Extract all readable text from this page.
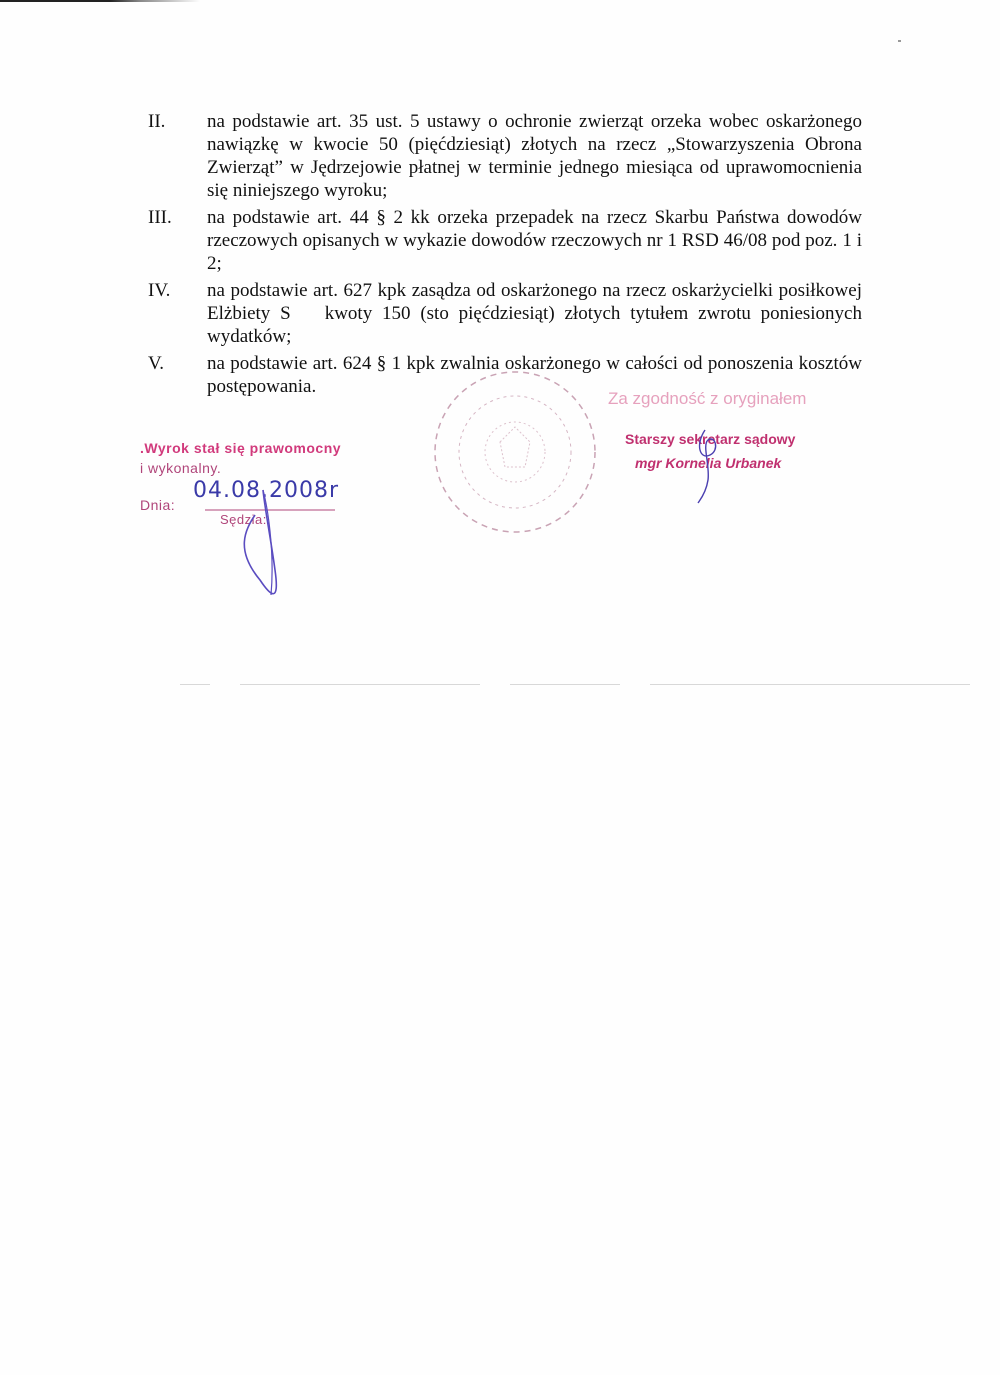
II.	na podstawie art. 35 ust. 5 ustawy o ochronie zwierząt orzeka wobec oskarżonego nawiązkę w kwocie 50 (pięćdziesiąt) złotych na rzecz „Stowarzyszenia Obrona Zwierząt” w Jędrzejowie płatnej w terminie jednego miesiąca od uprawomocnienia się niniejszego wyroku;
III.	na podstawie art. 44 § 2 kk orzeka przepadek na rzecz Skarbu Państwa dowodów rzeczowych opisanych w wykazie dowodów rzeczowych nr 1 RSD 46/08 pod poz. 1 i 2;
IV.	na podstawie art. 627 kpk zasądza od oskarżonego na rzecz oskarżycielki posiłkowej Elżbiety S kwoty 150 (sto pięćdziesiąt) złotych tytułem zwrotu poniesionych wydatków;
V.	na podstawie art. 624 § 1 kpk zwalnia oskarżonego w całości od ponoszenia kosztów postępowania.
.Wyrok stał się prawomocny
i wykonalny.
Dnia:
Sędzia:
04.08.2008r
Za zgodność z oryginałem
Starszy sekretarz sądowy
mgr Kornelia Urbanek
